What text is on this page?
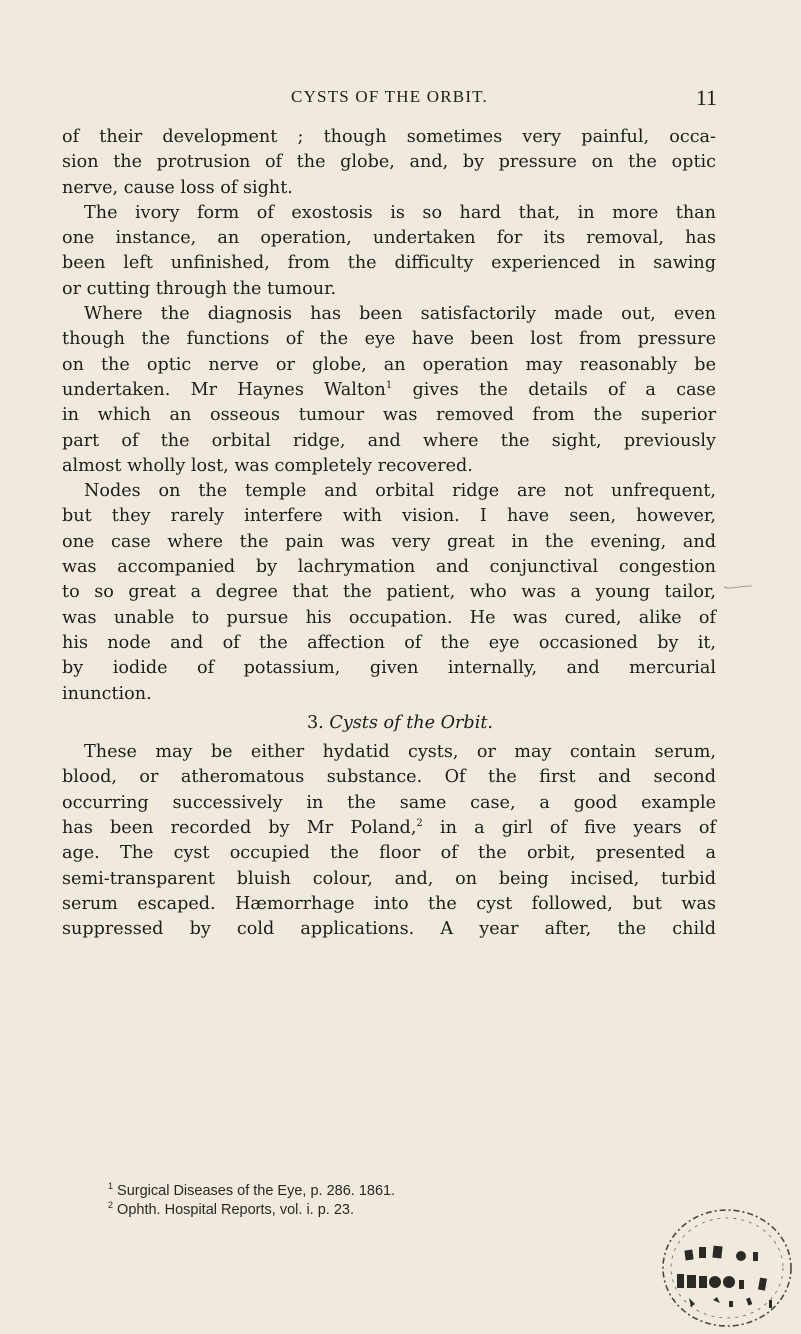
CYSTS OF THE ORBIT.	11
of their development ; though sometimes very painful, occa-
sion the protrusion of the globe, and, by pressure on the optic
nerve, cause loss of sight.
The ivory form of exostosis is so hard that, in more than
one instance, an operation, undertaken for its removal, has
been left unfinished, from the difficulty experienced in sawing
or cutting through the tumour.
Where the diagnosis has been satisfactorily made out, even
though the functions of the eye have been lost from pressure
on the optic nerve or globe, an operation may reasonably be
undertaken. Mr Haynes Walton$^1$ gives the details of a case
in which an osseous tumour was removed from the superior
part of the orbital ridge, and where the sight, previously
almost wholly lost, was completely recovered.
Nodes on the temple and orbital ridge are not unfrequent,
but they rarely interfere with vision. I have seen, however,
one case where the pain was very great in the evening, and
was accompanied by lachrymation and conjunctival congestion
to so great a degree that the patient, who was a young tailor,
was unable to pursue his occupation. He was cured, alike of
his node and of the affection of the eye occasioned by it,
by iodide of potassium, given internally, and mercurial
inunction.
3. Cysts of the Orbit.
These may be either hydatid cysts, or may contain serum,
blood, or atheromatous substance. Of the first and second
occurring successively in the same case, a good example
has been recorded by Mr Poland,$^2$ in a girl of five years of
age. The cyst occupied the floor of the orbit, presented a
semi-transparent bluish colour, and, on being incised, turbid
serum escaped. Hæmorrhage into the cyst followed, but was
suppressed by cold applications. A year after, the child
$^1$ Surgical Diseases of the Eye, p. 286. 1861.
$^2$ Ophth. Hospital Reports, vol. i. p. 23.
